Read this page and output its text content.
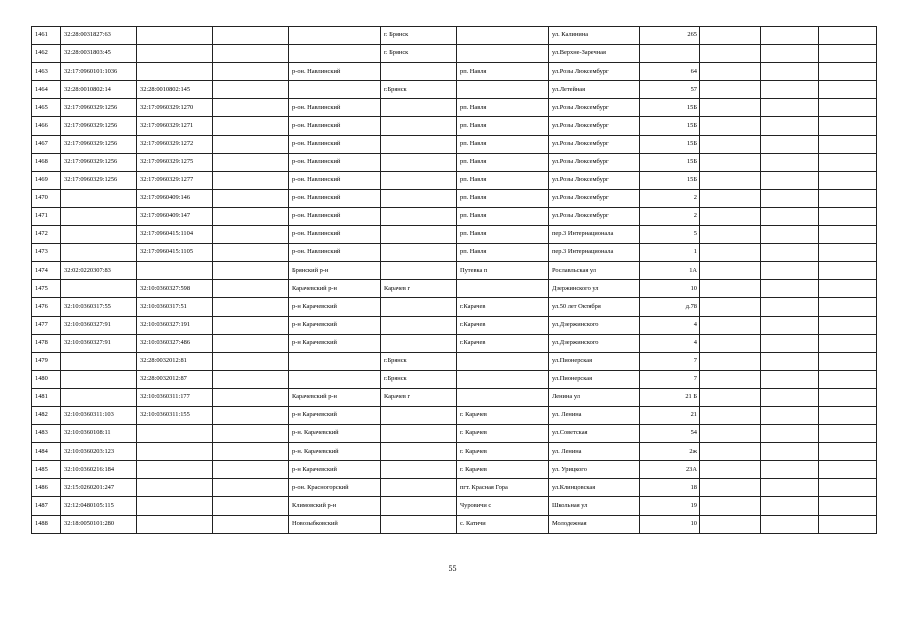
1461	32:28:0031827:63				г. Брянск		ул. Калинина	265			
1462	32:28:0031803:45				г. Брянск		ул.Верхне-Заречная				
1463	32:17:0960101:1036			р-он. Навлинский		рп. Навля	ул.Розы Люксембург	64			
1464	32:28:0010802:14	32:28:0010802:145			г.Брянск		ул.Летейная	57			
1465	32:17:0960329:1256	32:17:0960329:1270		р-он. Навлинский		рп. Навля	ул.Розы Люксембург	15Б			
1466	32:17:0960329:1256	32:17:0960329:1271		р-он. Навлинский		рп. Навля	ул.Розы Люксембург	15Б			
1467	32:17:0960329:1256	32:17:0960329:1272		р-он. Навлинский		рп. Навля	ул.Розы Люксембург	15Б			
1468	32:17:0960329:1256	32:17:0960329:1275		р-он. Навлинский		рп. Навля	ул.Розы Люксембург	15Б			
1469	32:17:0960329:1256	32:17:0960329:1277		р-он. Навлинский		рп. Навля	ул.Розы Люксембург	15Б			
1470		32:17:0960409:146		р-он. Навлинский		рп. Навля	ул.Розы Люксембург	2			
1471		32:17:0960409:147		р-он. Навлинский		рп. Навля	ул.Розы Люксембург	2			
1472		32:17:0960415:1104		р-он. Навлинский		рп. Навля	пер.3 Интернационала	5			
1473		32:17:0960415:1105		р-он. Навлинский		рп. Навля	пер.3 Интернационала	1			
1474	32:02:0220307:83			Брянский р-н		Путевка п	Рославльская ул	1А			
1475		32:10:0360327:598		Карачевский р-н	Карачев г		Дзержинского ул	10			
1476	32:10:0360317:55	32:10:0360317:51		р-н Карачевский		г.Карачев	ул.50 лет Октября	д.78			
1477	32:10:0360327:91	32:10:0360327:191		р-н Карачевский		г.Карачев	ул.Дзержинского	4			
1478	32:10:0360327:91	32:10:0360327:486		р-н Карачевский		г.Карачев	ул.Дзержинского	4			
1479		32:28:0032012:81			г.Брянск		ул.Пионерская	7			
1480		32:28:0032012:87			г.Брянск		ул.Пионерская	7			
1481		32:10:0360311:177		Карачевский р-н	Карачев г		Ленина ул	21 Б			
1482	32:10:0360311:103	32:10:0360311:155		р-н Карачевский		г. Карачев	ул. Ленина	21			
1483	32:10:0360108:11			р-н. Карачевский		г. Карачев	ул.Советская	54			
1484	32:10:0360203:123			р-н. Карачевский		г. Карачев	ул. Ленина	2ж			
1485	32:10:0360216:184			р-н Карачевский		г. Карачев	ул. Урицкого	23А			
1486	32:15:0260201:247			р-он. Красногорский		пгт. Красная Гора	ул.Клинцовская	18			
1487	32:12:0480105:115			Климовский р-н		Чуровичи с	Школьная ул	19			
1488	32:18:0050101:280			Новозыбковский		с. Катичи	Молодежная	10			
55
